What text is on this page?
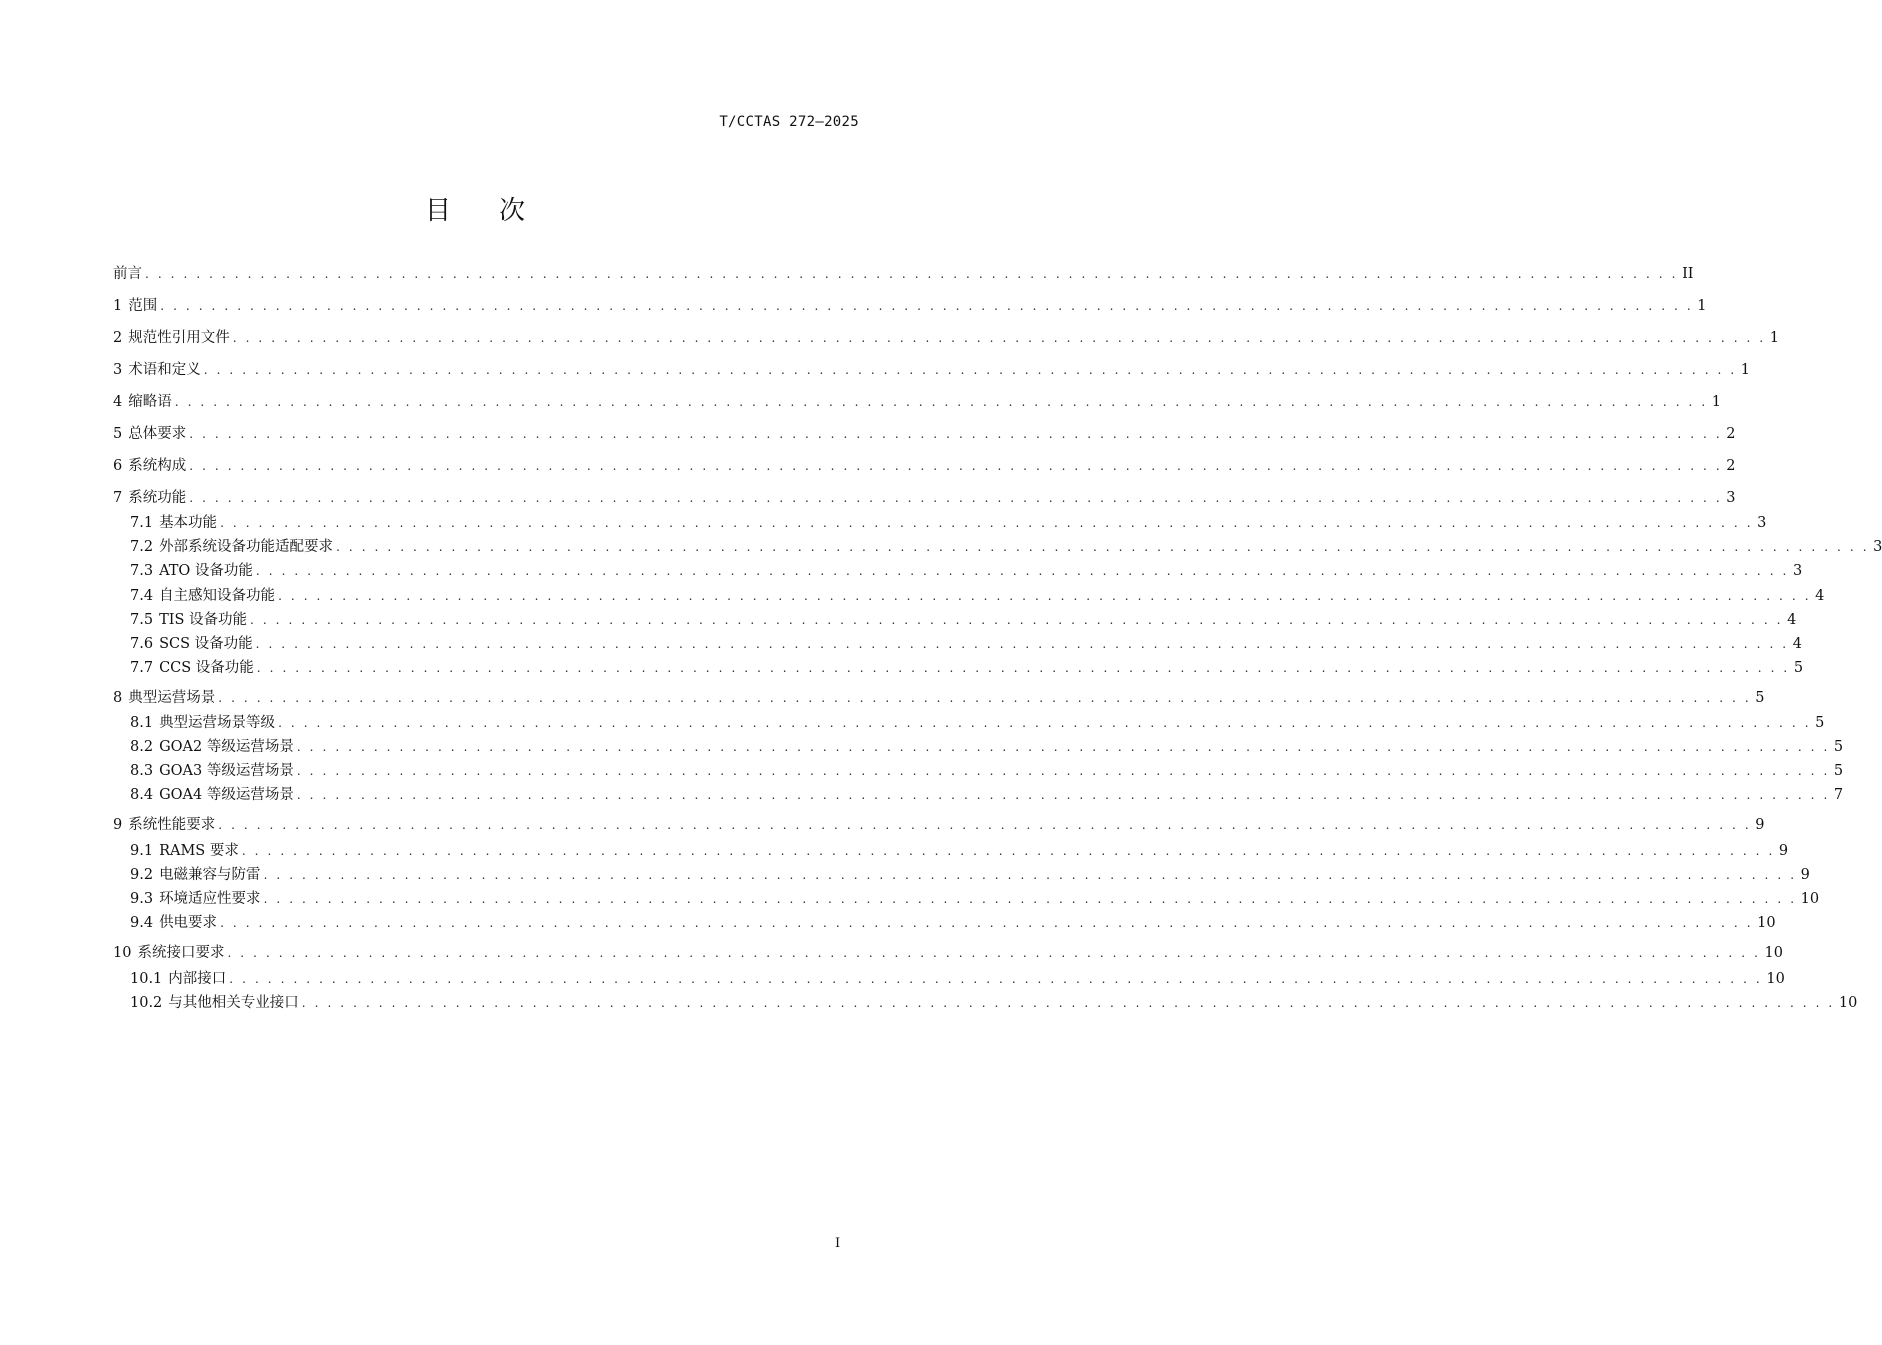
T/CCTAS 272—2025
目次
前言 . . . . . . . . . . . . . . . . . . . . . . . . . . . . . . . . . . . . . . . . . . . . . . . . . . . . . . . . . . . . . . . . . . . . . . . . . . . . . . . . . . . . . . . . . . . . . . . . . . . . . . . . . . . . . . . . . . . . . . . . II
1 范围 . . . . . . . . . . . . . . . . . . . . . . . . . . . . . . . . . . . . . . . . . . . . . . . . . . . . . . . . . . . . . . . . . . . . . . . . . . . . . . . . . . . . . . . . . . . . . . . . . . . . . . . . . . . . . . . . . . . . . . . . 1
2 规范性引用文件 . . . . . . . . . . . . . . . . . . . . . . . . . . . . . . . . . . . . . . . . . . . . . . . . . . . . . . . . . . . . . . . . . . . . . . . . . . . . . . . . . . . . . . . . . . . . . . . . . . . . . . . . . . . . . . . . . . . . . . . . 1
3 术语和定义 . . . . . . . . . . . . . . . . . . . . . . . . . . . . . . . . . . . . . . . . . . . . . . . . . . . . . . . . . . . . . . . . . . . . . . . . . . . . . . . . . . . . . . . . . . . . . . . . . . . . . . . . . . . . . . . . . . . . . . . . 1
4 缩略语 . . . . . . . . . . . . . . . . . . . . . . . . . . . . . . . . . . . . . . . . . . . . . . . . . . . . . . . . . . . . . . . . . . . . . . . . . . . . . . . . . . . . . . . . . . . . . . . . . . . . . . . . . . . . . . . . . . . . . . . . 1
5 总体要求 . . . . . . . . . . . . . . . . . . . . . . . . . . . . . . . . . . . . . . . . . . . . . . . . . . . . . . . . . . . . . . . . . . . . . . . . . . . . . . . . . . . . . . . . . . . . . . . . . . . . . . . . . . . . . . . . . . . . . . . . 2
6 系统构成 . . . . . . . . . . . . . . . . . . . . . . . . . . . . . . . . . . . . . . . . . . . . . . . . . . . . . . . . . . . . . . . . . . . . . . . . . . . . . . . . . . . . . . . . . . . . . . . . . . . . . . . . . . . . . . . . . . . . . . . . 2
7 系统功能 . . . . . . . . . . . . . . . . . . . . . . . . . . . . . . . . . . . . . . . . . . . . . . . . . . . . . . . . . . . . . . . . . . . . . . . . . . . . . . . . . . . . . . . . . . . . . . . . . . . . . . . . . . . . . . . . . . . . . . . . 3
7.1 基本功能 . . . . . . . . . . . . . . . . . . . . . . . . . . . . . . . . . . . . . . . . . . . . . . . . . . . . . . . . . . . . . . . . . . . . . . . . . . . . . . . . . . . . . . . . . . . . . . . . . . . . . . . . . . . . . . . . . . . . . . . . 3
7.2 外部系统设备功能适配要求 . . . . . . . . . . . . . . . . . . . . . . . . . . . . . . . . . . . . . . . . . . . . . . . . . . . . . . . . . . . . . . . . . . . . . . . . . . . . . . . . . . . . . . . . . . . . . . . . . . . . . . . . . . . . . . . . . . . . . . . . 3
7.3 ATO 设备功能 . . . . . . . . . . . . . . . . . . . . . . . . . . . . . . . . . . . . . . . . . . . . . . . . . . . . . . . . . . . . . . . . . . . . . . . . . . . . . . . . . . . . . . . . . . . . . . . . . . . . . . . . . . . . . . . . . . . . . . . . 3
7.4 自主感知设备功能 . . . . . . . . . . . . . . . . . . . . . . . . . . . . . . . . . . . . . . . . . . . . . . . . . . . . . . . . . . . . . . . . . . . . . . . . . . . . . . . . . . . . . . . . . . . . . . . . . . . . . . . . . . . . . . . . . . . . . . . . 4
7.5 TIS 设备功能 . . . . . . . . . . . . . . . . . . . . . . . . . . . . . . . . . . . . . . . . . . . . . . . . . . . . . . . . . . . . . . . . . . . . . . . . . . . . . . . . . . . . . . . . . . . . . . . . . . . . . . . . . . . . . . . . . . . . . . . . 4
7.6 SCS 设备功能 . . . . . . . . . . . . . . . . . . . . . . . . . . . . . . . . . . . . . . . . . . . . . . . . . . . . . . . . . . . . . . . . . . . . . . . . . . . . . . . . . . . . . . . . . . . . . . . . . . . . . . . . . . . . . . . . . . . . . . . . 4
7.7 CCS 设备功能 . . . . . . . . . . . . . . . . . . . . . . . . . . . . . . . . . . . . . . . . . . . . . . . . . . . . . . . . . . . . . . . . . . . . . . . . . . . . . . . . . . . . . . . . . . . . . . . . . . . . . . . . . . . . . . . . . . . . . . . . 5
8 典型运营场景 . . . . . . . . . . . . . . . . . . . . . . . . . . . . . . . . . . . . . . . . . . . . . . . . . . . . . . . . . . . . . . . . . . . . . . . . . . . . . . . . . . . . . . . . . . . . . . . . . . . . . . . . . . . . . . . . . . . . . . . . 5
8.1 典型运营场景等级 . . . . . . . . . . . . . . . . . . . . . . . . . . . . . . . . . . . . . . . . . . . . . . . . . . . . . . . . . . . . . . . . . . . . . . . . . . . . . . . . . . . . . . . . . . . . . . . . . . . . . . . . . . . . . . . . . . . . . . . . 5
8.2 GOA2 等级运营场景 . . . . . . . . . . . . . . . . . . . . . . . . . . . . . . . . . . . . . . . . . . . . . . . . . . . . . . . . . . . . . . . . . . . . . . . . . . . . . . . . . . . . . . . . . . . . . . . . . . . . . . . . . . . . . . . . . . . . . . . . 5
8.3 GOA3 等级运营场景 . . . . . . . . . . . . . . . . . . . . . . . . . . . . . . . . . . . . . . . . . . . . . . . . . . . . . . . . . . . . . . . . . . . . . . . . . . . . . . . . . . . . . . . . . . . . . . . . . . . . . . . . . . . . . . . . . . . . . . . . 5
8.4 GOA4 等级运营场景 . . . . . . . . . . . . . . . . . . . . . . . . . . . . . . . . . . . . . . . . . . . . . . . . . . . . . . . . . . . . . . . . . . . . . . . . . . . . . . . . . . . . . . . . . . . . . . . . . . . . . . . . . . . . . . . . . . . . . . . . 7
9 系统性能要求 . . . . . . . . . . . . . . . . . . . . . . . . . . . . . . . . . . . . . . . . . . . . . . . . . . . . . . . . . . . . . . . . . . . . . . . . . . . . . . . . . . . . . . . . . . . . . . . . . . . . . . . . . . . . . . . . . . . . . . . . 9
9.1 RAMS 要求 . . . . . . . . . . . . . . . . . . . . . . . . . . . . . . . . . . . . . . . . . . . . . . . . . . . . . . . . . . . . . . . . . . . . . . . . . . . . . . . . . . . . . . . . . . . . . . . . . . . . . . . . . . . . . . . . . . . . . . . . 9
9.2 电磁兼容与防雷 . . . . . . . . . . . . . . . . . . . . . . . . . . . . . . . . . . . . . . . . . . . . . . . . . . . . . . . . . . . . . . . . . . . . . . . . . . . . . . . . . . . . . . . . . . . . . . . . . . . . . . . . . . . . . . . . . . . . . . . . 9
9.3 环境适应性要求 . . . . . . . . . . . . . . . . . . . . . . . . . . . . . . . . . . . . . . . . . . . . . . . . . . . . . . . . . . . . . . . . . . . . . . . . . . . . . . . . . . . . . . . . . . . . . . . . . . . . . . . . . . . . . . . . . . . . . . . . 10
9.4 供电要求 . . . . . . . . . . . . . . . . . . . . . . . . . . . . . . . . . . . . . . . . . . . . . . . . . . . . . . . . . . . . . . . . . . . . . . . . . . . . . . . . . . . . . . . . . . . . . . . . . . . . . . . . . . . . . . . . . . . . . . . . 10
10 系统接口要求 . . . . . . . . . . . . . . . . . . . . . . . . . . . . . . . . . . . . . . . . . . . . . . . . . . . . . . . . . . . . . . . . . . . . . . . . . . . . . . . . . . . . . . . . . . . . . . . . . . . . . . . . . . . . . . . . . . . . . . . . 10
10.1 内部接口 . . . . . . . . . . . . . . . . . . . . . . . . . . . . . . . . . . . . . . . . . . . . . . . . . . . . . . . . . . . . . . . . . . . . . . . . . . . . . . . . . . . . . . . . . . . . . . . . . . . . . . . . . . . . . . . . . . . . . . . . 10
10.2 与其他相关专业接口 . . . . . . . . . . . . . . . . . . . . . . . . . . . . . . . . . . . . . . . . . . . . . . . . . . . . . . . . . . . . . . . . . . . . . . . . . . . . . . . . . . . . . . . . . . . . . . . . . . . . . . . . . . . . . . . . . . . . . . . . 10
I
